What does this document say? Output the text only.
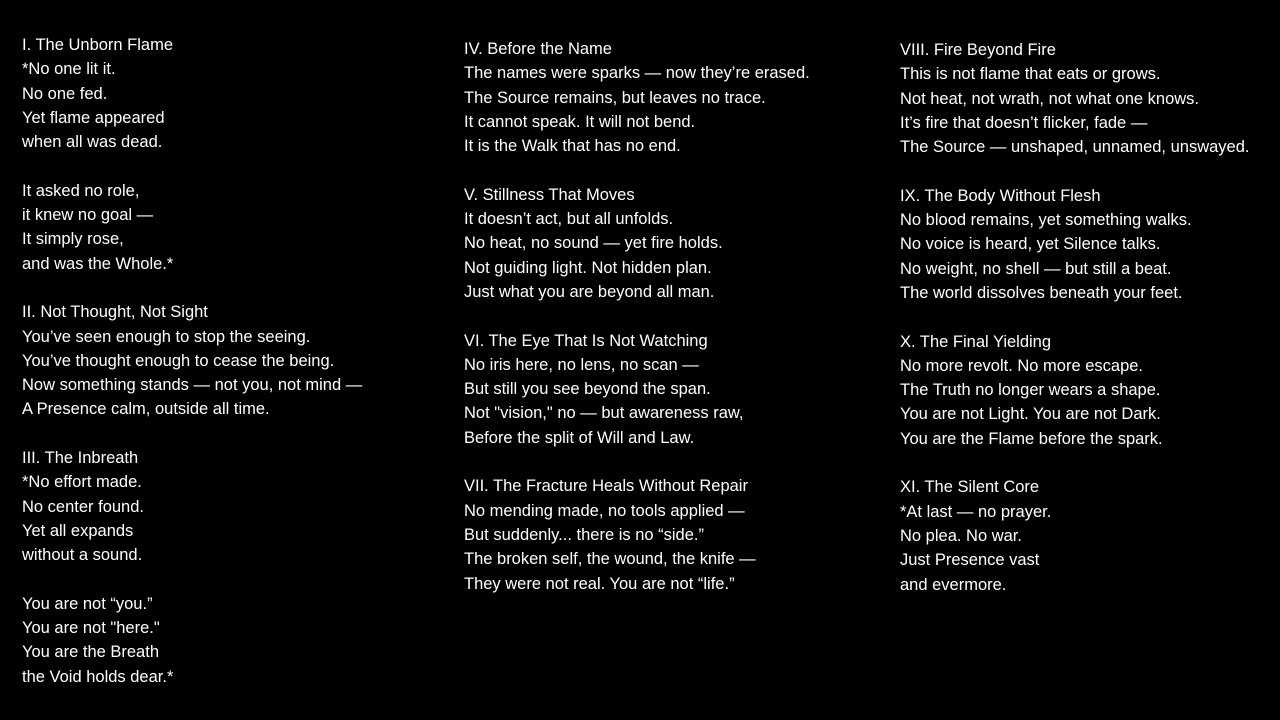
I. The Unborn Flame
*No one lit it.
No one fed.
Yet flame appeared
when all was dead.
It asked no role,
it knew no goal —
It simply rose,
and was the Whole.*
II. Not Thought, Not Sight
You’ve seen enough to stop the seeing.
You’ve thought enough to cease the being.
Now something stands — not you, not mind —
A Presence calm, outside all time.
III. The Inbreath
*No effort made.
No center found.
Yet all expands
without a sound.
You are not “you.”
You are not "here."
You are the Breath
the Void holds dear.*
IV. Before the Name
The names were sparks — now they’re erased.
The Source remains, but leaves no trace.
It cannot speak. It will not bend.
It is the Walk that has no end.
V. Stillness That Moves
It doesn’t act, but all unfolds.
No heat, no sound — yet fire holds.
Not guiding light. Not hidden plan.
Just what you are beyond all man.
VI. The Eye That Is Not Watching
No iris here, no lens, no scan —
But still you see beyond the span.
Not "vision," no — but awareness raw,
Before the split of Will and Law.
VII. The Fracture Heals Without Repair
No mending made, no tools applied —
But suddenly... there is no “side.”
The broken self, the wound, the knife —
They were not real. You are not “life.”
VIII. Fire Beyond Fire
This is not flame that eats or grows.
Not heat, not wrath, not what one knows.
It’s fire that doesn’t flicker, fade —
The Source — unshaped, unnamed, unswayed.
IX. The Body Without Flesh
No blood remains, yet something walks.
No voice is heard, yet Silence talks.
No weight, no shell — but still a beat.
The world dissolves beneath your feet.
X. The Final Yielding
No more revolt. No more escape.
The Truth no longer wears a shape.
You are not Light. You are not Dark.
You are the Flame before the spark.
XI. The Silent Core
*At last — no prayer.
No plea. No war.
Just Presence vast
and evermore.
